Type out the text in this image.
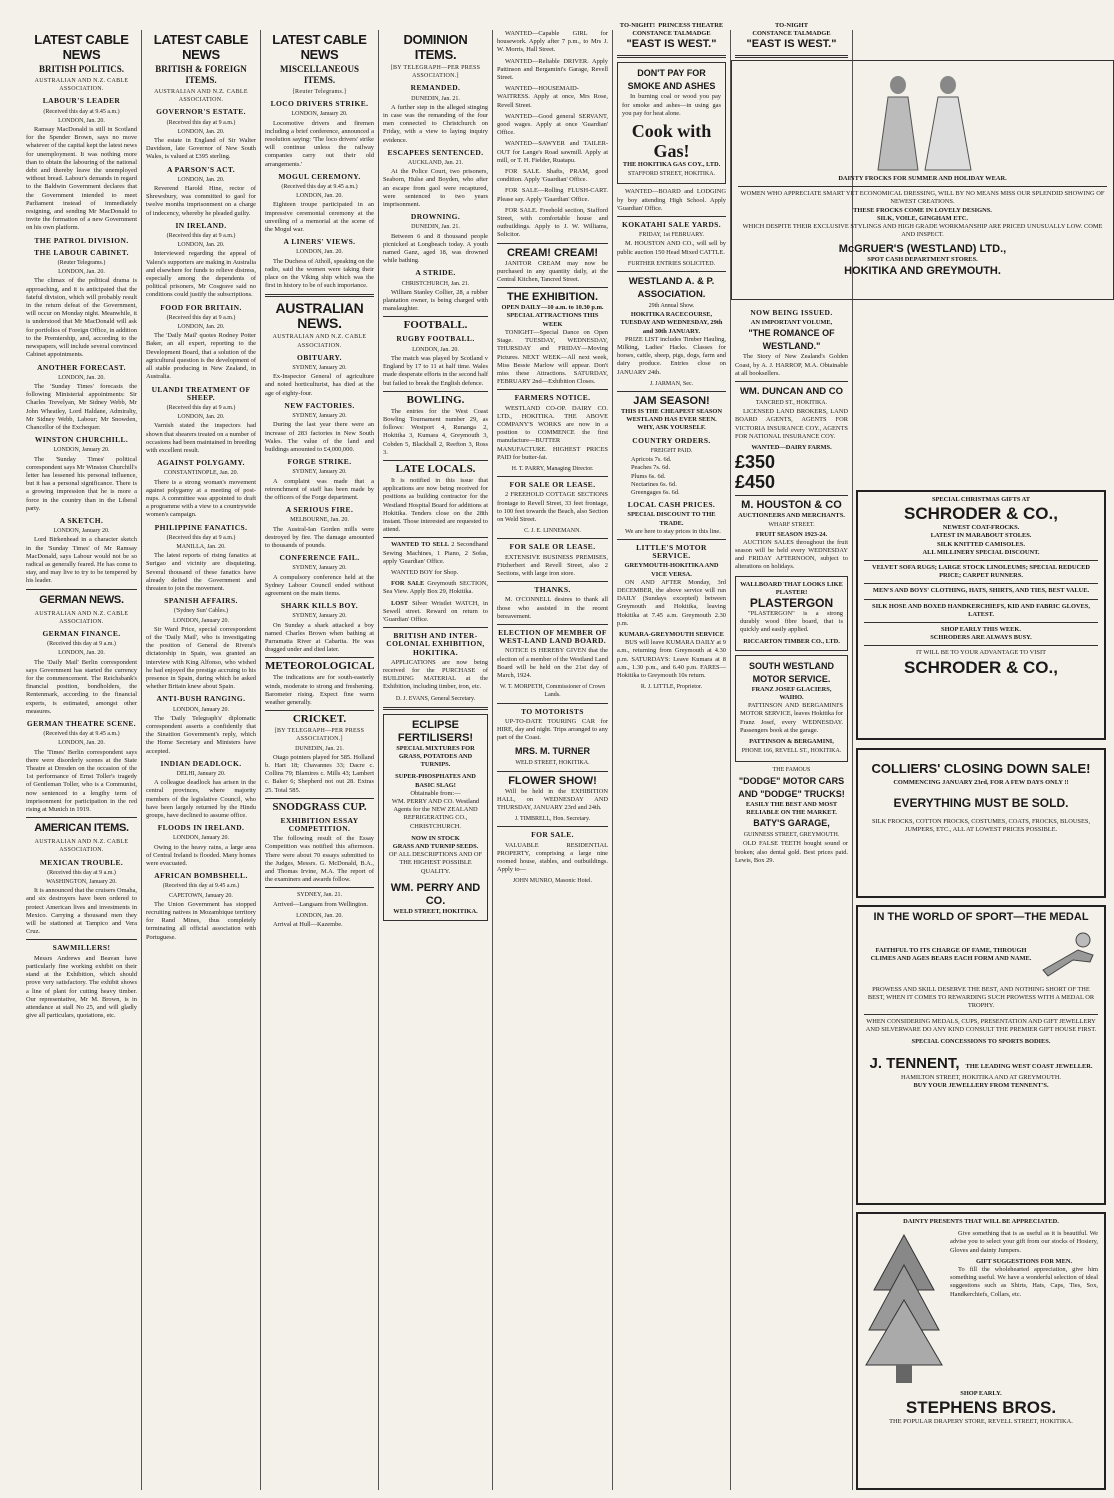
LATEST CABLE NEWS
BRITISH POLITICS.
AUSTRALIAN AND N.Z. CABLE ASSOCIATION.
LABOUR'S LEADER
(Received this day at 9.45 a.m.)
LONDON, Jan. 20.
Ramsay MacDonald is still in Scotland for the Spender Brown, says no move whatever of the capital kept the latest news for unemployment. It was nothing more than to obtain the labouring of the national debt and thereby leave the unemployed without bread. Labour's demands in regard to the Baldwin Government declares that the Government intended to meet Parliament instead of immediately resigning, and sending Mr MacDonald to invite the formation of a new Government on his own platform.
THE PATROL DIVISION.
THE LABOUR CABINET.
(Reuter Telegrams.)
LONDON, Jan. 20.
The climax of the political drama is approaching, and it is anticipated that the fateful division, which will probably result in the return defeat of the Government, will occur on Monday night. Meanwhile, it is understood that Mr MacDonald will ask for portfolios of Foreign Office, in addition to the Premiership, and, according to the newspapers, will include several convinced Cabinet appointments.
ANOTHER FORECAST.
LONDON, Jan. 20.
The 'Sunday Times' forecasts the following Ministerial appointments: Sir Charles Trevelyan, Mr Sidney Webb, Mr John Wheatley, Lord Haldane, Admiralty, Mr Sidney Webb, Labour; Mr Snowden, Chancellor of the Exchequer.
WINSTON CHURCHILL.
LONDON, January 20.
The 'Sunday Times' political correspondent says Mr Winston Churchill's letter has lessened his personal influence, but it has a personal significance. There is a growing impression that he is more a force in the country than in the Liberal party.
A SKETCH.
LONDON, January 20.
Lord Birkenhead in a character sketch in the 'Sunday Times' of Mr Ramsay MacDonald, says Labour would not be so radical as generally feared. He has come to stay, and may live to try to be tempered by his leader.
GERMAN NEWS.
AUSTRALIAN AND N.Z. CABLE ASSOCIATION.
GERMAN FINANCE.
(Received this day at 9 a.m.)
LONDON, Jan. 20.
The 'Daily Mail' Berlin correspondent says Government has started the currency for the commencement. The Reichsbank's financial position, bondholders, the Rentenmark, according to the financial experts, is estimated, amongst other measures.
GERMAN THEATRE SCENE.
(Received this day at 9.45 a.m.)
LONDON, Jan. 20.
The 'Times' Berlin correspondent says there were disorderly scenes at the State Theatre at Dresden on the occasion of the 1st performance of Ernst Toller's tragedy of Gentleman Toller, who is a Communist, now sentenced to a lengthy term of imprisonment for participation in the red rising at Munich in 1919.
AMERICAN ITEMS.
AUSTRALIAN AND N.Z. CABLE ASSOCIATION.
MEXICAN TROUBLE.
(Received this day at 9 a.m.)
WASHINGTON, January 20.
It is announced that the cruisers Omaha, and six destroyers have been ordered to protect American lives and investments in Mexico. Carrying a thousand men they will be stationed at Tampico and Vera Cruz.
SAWMILLERS!
Messrs Andrews and Beavan have particularly fine working exhibit on their stand at the Exhibition, which should prove very satisfactory. The exhibit shows a line of plant for cutting heavy timber. Our representative, Mr M. Brown, is in attendance at stall No 25, and will gladly give all particulars, quotations, etc.
LATEST CABLE NEWS
BRITISH & FOREIGN ITEMS.
AUSTRALIAN AND N.Z. CABLE ASSOCIATION.
GOVERNOR'S ESTATE.
(Received this day at 9 a.m.)
LONDON, Jan. 20.
The estate in England of Sir Walter Davidson, late Governor of New South Wales, is valued at £395 sterling.
A PARSON'S ACT.
LONDON, Jan. 20.
Reverend Harold Hine, rector of Shrewsbury, was committed to gaol for twelve months imprisonment on a charge of indecency, whereby he pleaded guilty.
IN IRELAND.
(Received this day at 9 a.m.)
LONDON, Jan. 20.
Interviewed regarding the appeal of Valera's supporters are making in Australia and elsewhere for funds to relieve distress, especially among the dependents of political prisoners, Mr Cosgrave said no conditions could justify the subscriptions.
FOOD FOR BRITAIN.
(Received this day at 9 a.m.)
LONDON, Jan. 20.
The 'Daily Mail' quotes Rodney Potter Baker, an all expert, reporting to the Development Board, that a solution of the agricultural question is the development of all stable producing in New Zealand, in Australia.
ULANDI TREATMENT OF SHEEP.
(Received this day at 9 a.m.)
LONDON, Jan. 20.
Varnish stated the inspectors had shown that shearers treated on a number of occasions had been maintained in breeding with excellent result.
AGAINST POLYGAMY.
CONSTANTINOPLE, Jan. 20.
There is a strong woman's movement against polygamy at a meeting of post-nups. A committee was appointed to draft a programme with a view to a countrywide women's campaign.
PHILIPPINE FANATICS.
(Received this day at 9 a.m.)
MANILLA, Jan. 20.
The latest reports of rising fanatics at Surigao and vicinity are disquieting. Several thousand of these fanatics have already defied the Government and threaten to join the movement.
SPANISH AFFAIRS.
('Sydney Sun' Cables.)
LONDON, January 20.
Sir Ward Price, special correspondent of the 'Daily Mail', who is investigating the position of General de Rivera's dictatorship in Spain, was granted an interview with King Alfonso, who wished he had enjoyed the prestige accruing to his presence in Spain, during which he asked whether Britain knew about Spain.
ANTI-BUSH RANGING.
LONDON, January 20.
The 'Daily Telegraph's' diplomatic correspondent asserts a confidently that the Sinaition Government's reply, which the Home Secretary and Ministers have accepted.
INDIAN DEADLOCK.
DELHI, January 20.
A colleague deadlock has arisen in the central provinces, where majority members of the legislative Council, who have been largely returned by the Hindu groups, have declined to assume office.
FLOODS IN IRELAND.
LONDON, January 20.
Owing to the heavy rains, a large area of Central Ireland is flooded. Many homes were evacuated.
AFRICAN BOMBSHELL.
(Received this day at 9.45 a.m.)
CAPETOWN, January 20.
The Union Government has stopped recruiting natives in Mozambique territory for Rand Mines, thus completely terminating all official association with Portuguese.
LATEST CABLE NEWS
MISCELLANEOUS ITEMS.
[Reuter Telegrams.]
LOCO DRIVERS STRIKE.
LONDON, January 20.
Locomotive drivers and firemen including a brief conference, announced a resolution saying: 'The loco drivers' strike will continue unless the railway companies carry out their old arrangements.'
MOGUL CEREMONY.
(Received this day at 9.45 a.m.)
LONDON, Jan. 20.
Eighteen troupe participated in an impressive ceremonial ceremony at the unveiling of a memorial at the scene of the Mogul war.
A LINERS' VIEWS.
LONDON, Jan. 20.
The Duchess of Atholl, speaking on the radio, said the women were taking their place on the Viking ship which was the first in history to be of such importance.
AUSTRALIAN NEWS.
AUSTRALIAN AND N.Z. CABLE ASSOCIATION.
OBITUARY.
SYDNEY, January 20.
Ex-Inspector General of agriculture and noted horticulturist, has died at the age of eighty-four.
NEW FACTORIES.
SYDNEY, January 20.
During the last year there were an increase of 283 factories in New South Wales. The value of the land and buildings amounted to £4,000,000.
FORGE STRIKE.
SYDNEY, January 20.
A complaint was made that a retrenchment of staff has been made by the officers of the Forge department.
A SERIOUS FIRE.
MELBOURNE, Jan. 20.
The Austral-Ian Gorden mills were destroyed by fire. The damage amounted to thousands of pounds.
CONFERENCE FAIL.
SYDNEY, January 20.
A compulsory conference held at the Sydney Labour Council ended without agreement on the main items.
SHARK KILLS BOY.
SYDNEY, January 20.
On Sunday a shark attacked a boy named Charles Brown when bathing at Parramatta River at Cabarita. He was dragged under and died later.
METEOROLOGICAL
The indications are for south-easterly winds, moderate to strong and freshening. Barometer rising. Expect fine warm weather generally.
CRICKET.
[BY TELEGRAPH—PER PRESS ASSOCIATION.]
DUNEDIN, Jan. 21.
Otago pointers played for 585. Holland b. Hart 18; Chavannes 33; Dacre c. Collins 79; Blamires c. Mills 43; Lambert c. Baker 6; Shepherd not out 28. Extras 25. Total 585.
SNODGRASS CUP.
EXHIBITION ESSAY COMPETITION.
The following result of the Essay Competition was notified this afternoon. There were about 70 essays submitted to the Judges, Messrs. G. McDonald, B.A., and Thomas Irvine, M.A. The report of the examiners and awards follow.
SYDNEY, Jan. 21.
Arrived—Langsam from Wellington.
LONDON, Jan. 20.
Arrival at Hull—Kazembe.
DOMINION ITEMS.
[BY TELEGRAPH—PER PRESS ASSOCIATION.]
REMANDED.
DUNEDIN, Jan. 21.
A further step in the alleged stinging in case was the remanding of the four men connected to Christchurch on Friday, with a view to laying inquiry evidence.
ESCAPEES SENTENCED.
AUCKLAND, Jan. 21.
At the Police Court, two prisoners, Seaborn, Hulse and Boyden, who after an escape from gaol were recaptured, were sentenced to two years imprisonment.
DROWNING.
DUNEDIN, Jan. 21.
Between 6 and 8 thousand people picnicked at Longbeach today. A youth named Ganz, aged 18, was drowned while bathing.
A STRIDE.
CHRISTCHURCH, Jan. 21.
William Stanley Collier, 28, a rubber plantation owner, is being charged with manslaughter.
FOOTBALL.
RUGBY FOOTBALL.
LONDON, Jan. 20.
The match was played by Scotland v England by 17 to 11 at half time. Wales made desperate efforts in the second half but failed to break the English defence.
BOWLING.
The entries for the West Coast Bowling Tournament number 29, as follows: Westport 4, Runanga 2, Hokitika 3, Kumara 4, Greymouth 3, Cobden 5, Blackball 2, Reefton 3, Ross 3.
LATE LOCALS.
It is notified in this issue that applications are now being received for positions as building contractor for the Westland Hospital Board for additions at Hokitika. Tenders close on the 28th instant. Those interested are requested to attend.
WANTED TO SELL 2 Secondhand Sewing Machines, 1 Piano, 2 Sofas, apply 'Guardian' Office.
WANTED BOY for Shop.
FOR SALE Greymouth SECTION, Sea View. Apply Box 29, Hokitika.
LOST Silver Wristlet WATCH, in Sewell street. Reward on return to 'Guardian' Office.
BRITISH AND INTER-COLONIAL EXHIBITION, HOKITIKA.
APPLICATIONS are now being received for the PURCHASE of BUILDING MATERIAL at the Exhibition, including timber, iron, etc.
D. J. EVANS, General Secretary.
ECLIPSE FERTILISERS!
SPECIAL MIXTURES FOR GRASS, POTATOES AND TURNIPS.
SUPER-PHOSPHATES AND BASIC SLAG!
Obtainable from:—
WM. PERRY AND CO. Westland Agents for the NEW ZEALAND REFRIGERATING CO., CHRISTCHURCH.
NOW IN STOCK
GRASS AND TURNIP SEEDS.
OF ALL DESCRIPTIONS AND OF THE HIGHEST POSSIBLE QUALITY.
WM. PERRY AND CO.
WELD STREET, HOKITIKA.
WANTED—Capable GIRL for housework. Apply after 7 p.m., to Mrs J. W. Morris, Hall Street.
WANTED—Reliable DRIVER. Apply Pattinson and Bergamini's Garage, Revell Street.
WANTED—HOUSEMAID-WAITRESS. Apply at once, Mrs Rose, Revell Street.
WANTED—Good general SERVANT, good wages. Apply at once 'Guardian' Office.
WANTED—SAWYER and TAILER-OUT for Lange's Road sawmill. Apply at mill, or T. H. Fielder, Ruatapu.
FOR SALE. Shafts, PRAM, good condition. Apply 'Guardian' Office.
FOR SALE—Rolling FLUSH-CART. Please say. Apply 'Guardian' Office.
FOR SALE. Freehold section, Stafford Street, with comfortable house and outbuildings. Apply to J. W. Williams, Solicitor.
CREAM! CREAM!
JANITOR CREAM may now be purchased in any quantity daily, at the Central Kitchen, Tancred Street.
THE EXHIBITION.
OPEN DAILY—10 a.m. to 10.30 p.m.
SPECIAL ATTRACTIONS THIS WEEK
TONIGHT—Special Dance on Open Stage. TUESDAY, WEDNESDAY, THURSDAY and FRIDAY—Moving Pictures. NEXT WEEK—All next week, Miss Bessie Marlow will appear. Don't miss these Attractions. SATURDAY, FEBRUARY 2nd—Exhibition Closes.
FARMERS NOTICE.
WESTLAND CO-OP. DAIRY CO. LTD., HOKITIKA. THE ABOVE COMPANY'S WORKS are now in a position to COMMENCE the first manufacture—BUTTER MANUFACTURE. HIGHEST PRICES PAID for butter-fat.
H. T. PARRY, Managing Director.
FOR SALE OR LEASE.
2 FREEHOLD COTTAGE SECTIONS frontage to Revell Street, 33 feet frontage, to 100 feet towards the Beach, also Section on Weld Street.
C. J. E. LINNEMANN.
FOR SALE OR LEASE.
EXTENSIVE BUSINESS PREMISES, Fitzherbert and Revell Street, also 2 Sections, with large iron store.
THANKS.
M. O'CONNELL desires to thank all those who assisted in the recent bereavement.
ELECTION OF MEMBER OF WEST-LAND LAND BOARD.
NOTICE IS HEREBY GIVEN that the election of a member of the Westland Land Board will be held on the 21st day of March, 1924.
W. T. MORPETH, Commissioner of Crown Lands.
TO MOTORISTS
UP-TO-DATE TOURING CAR for HIRE, day and night. Trips arranged to any part of the Coast.
MRS. M. TURNER
WELD STREET, HOKITIKA.
FLOWER SHOW!
Will be held in the EXHIBITION HALL, on WEDNESDAY AND THURSDAY, JANUARY 23rd and 24th.
J. TIMBRELL, Hon. Secretary.
FOR SALE.
VALUABLE RESIDENTIAL PROPERTY, comprising a large nine roomed house, stables, and outbuildings. Apply to—
JOHN MUNRO, Masonic Hotel.
TO-NIGHT! PRINCESS THEATRE
CONSTANCE TALMADGE
"EAST IS WEST."
DON'T PAY FOR SMOKE AND ASHES
In burning coal or wood you pay for smoke and ashes—in using gas you pay for heat alone.
Cook with Gas!
THE HOKITIKA GAS COY., LTD.
STAFFORD STREET, HOKITIKA.
WANTED—BOARD and LODGING by boy attending High School. Apply 'Guardian' Office.
KOKATAHI SALE YARDS.
FRIDAY, 1st FEBRUARY.
M. HOUSTON AND CO., will sell by public auction 150 Head Mixed CATTLE.
FURTHER ENTRIES SOLICITED.
WESTLAND A. & P. ASSOCIATION.
29th Annual Show.
HOKITIKA RACECOURSE, TUESDAY AND WEDNESDAY, 29th and 30th JANUARY.
PRIZE LIST includes Timber Hauling, Milking, Ladies' Hacks. Classes for horses, cattle, sheep, pigs, dogs, farm and dairy produce. Entries close on JANUARY 24th.
J. JARMAN, Sec.
JAM SEASON!
THIS IS THE CHEAPEST SEASON WESTLAND HAS EVER SEEN. WHY, ASK YOURSELF.
COUNTRY ORDERS.
FREIGHT PAID.
Apricots 7s. 6d.
Peaches 7s. 6d.
Plums 6s. 6d.
Nectarines 6s. 6d.
Greengages 6s. 6d.
LOCAL CASH PRICES.
SPECIAL DISCOUNT TO THE TRADE.
We are here to stay prices in this line.
LITTLE'S MOTOR SERVICE.
GREYMOUTH-HOKITIKA AND VICE VERSA.
ON AND AFTER Monday, 3rd DECEMBER, the above service will run DAILY (Sundays excepted) between Greymouth and Hokitika, leaving Hokitika at 7.45 a.m. Greymouth 2.30 p.m.
KUMARA-GREYMOUTH SERVICE
BUS will leave KUMARA DAILY at 9 a.m., returning from Greymouth at 4.30 p.m. SATURDAYS: Leave Kumara at 8 a.m., 1.30 p.m., and 6.40 p.m. FARES—Hokitika to Greymouth 10s return.
R. J. LITTLE, Proprietor.
TO-NIGHT
CONSTANCE TALMADGE
"EAST IS WEST."
DAINTY FROCKS FOR SUMMER AND HOLIDAY WEAR.
WOMEN WHO APPRECIATE SMART YET ECONOMICAL DRESSING, WILL BY NO MEANS MISS OUR SPLENDID SHOWING OF NEWEST CREATIONS.
THESE FROCKS COME IN LOVELY DESIGNS.
SILK, VOILE, GINGHAM ETC.
WHICH DESPITE THEIR EXCLUSIVE STYLINGS AND HIGH GRADE WORKMANSHIP ARE PRICED UNUSUALLY LOW. COME AND INSPECT.
McGRUER'S (WESTLAND) LTD.,
SPOT CASH DEPARTMENT STORES.
HOKITIKA AND GREYMOUTH.
NOW BEING ISSUED.
AN IMPORTANT VOLUME,
"THE ROMANCE OF WESTLAND."
The Story of New Zealand's Golden Coast, by A. J. HARROP, M.A. Obtainable at all booksellers.
WM. DUNCAN AND CO
TANCRED ST., HOKITIKA.
LICENSED LAND BROKERS, LAND BOARD AGENTS, AGENTS FOR VICTORIA INSURANCE COY., AGENTS FOR NATIONAL INSURANCE COY.
WANTED—DAIRY FARMS.
£350
£450
M. HOUSTON & CO
AUCTIONEERS AND MERCHANTS.
WHARF STREET.
FRUIT SEASON 1923-24.
AUCTION SALES throughout the fruit season will be held every WEDNESDAY and FRIDAY AFTERNOON, subject to alterations on holidays.
WALLBOARD THAT LOOKS LIKE PLASTER!
PLASTERGON
"PLASTERGON" is a strong durably wood fibre board, that is quickly and easily applied.
RICCARTON TIMBER CO., LTD.
SOUTH WESTLAND MOTOR SERVICE.
FRANZ JOSEF GLACIERS, WAIHO.
PATTINSON AND BERGAMINI'S MOTOR SERVICE, leaves Hokitika for Franz Josef, every WEDNESDAY. Passengers book at the garage.
PATTINSON & BERGAMINI,
PHONE 166, REVELL ST., HOKITIKA.
THE FAMOUS
"DODGE" MOTOR CARS AND "DODGE" TRUCKS!
EASILY THE BEST AND MOST RELIABLE ON THE MARKET.
BATY'S GARAGE,
GUINNESS STREET, GREYMOUTH.
OLD FALSE TEETH bought sound or broken; also dental gold. Best prices paid. Lewis, Box 29.
SPECIAL CHRISTMAS GIFTS AT
SCHRODER & CO.,
NEWEST COAT-FROCKS.
LATEST IN MARABOUT STOLES.
SILK KNITTED CAMISOLES.
ALL MILLINERY SPECIAL DISCOUNT.
VELVET SOFA RUGS; LARGE STOCK LINOLEUMS; SPECIAL REDUCED PRICE; CARPET RUNNERS.
MEN'S AND BOYS' CLOTHING, HATS, SHIRTS, AND TIES, BEST VALUE.
SILK HOSE AND BOXED HANDKERCHIEFS, KID AND FABRIC GLOVES, LATEST.
SHOP EARLY THIS WEEK.
SCHRODERS ARE ALWAYS BUSY.
IT WILL BE TO YOUR ADVANTAGE TO VISIT
SCHRODER & CO.,
COLLIERS' CLOSING DOWN SALE!
COMMENCING JANUARY 23rd, FOR A FEW DAYS ONLY !!
EVERYTHING MUST BE SOLD.
SILK FROCKS, COTTON FROCKS, COSTUMES, COATS, FROCKS, BLOUSES, JUMPERS, ETC., ALL AT LOWEST PRICES POSSIBLE.
IN THE WORLD OF SPORT—THE MEDAL
FAITHFUL TO ITS CHARGE OF FAME, THROUGH CLIMES AND AGES BEARS EACH FORM AND NAME.
PROWESS AND SKILL DESERVE THE BEST, AND NOTHING SHORT OF THE BEST, WHEN IT COMES TO REWARDING SUCH PROWESS WITH A MEDAL OR TROPHY.
WHEN CONSIDERING MEDALS, CUPS, PRESENTATION AND GIFT JEWELLERY AND SILVERWARE DO ANY KIND CONSULT THE PREMIER GIFT HOUSE FIRST.
SPECIAL CONCESSIONS TO SPORTS BODIES.
J. TENNENT, THE LEADING WEST COAST JEWELLER.
HAMILTON STREET, HOKITIKA AND AT GREYMOUTH.
BUY YOUR JEWELLERY FROM TENNENT'S.
DAINTY PRESENTS THAT WILL BE APPRECIATED.
Give something that is as useful as it is beautiful. We advise you to select your gift from our stocks of Hosiery, Gloves and dainty Jumpers.
GIFT SUGGESTIONS FOR MEN.
To fill the wholehearted appreciation, give him something useful. We have a wonderful selection of ideal suggestions such as Shirts, Hats, Caps, Ties, Sox, Handkerchiefs, Collars, etc.
SHOP EARLY.
STEPHENS BROS.
THE POPULAR DRAPERY STORE, REVELL STREET, HOKITIKA.
